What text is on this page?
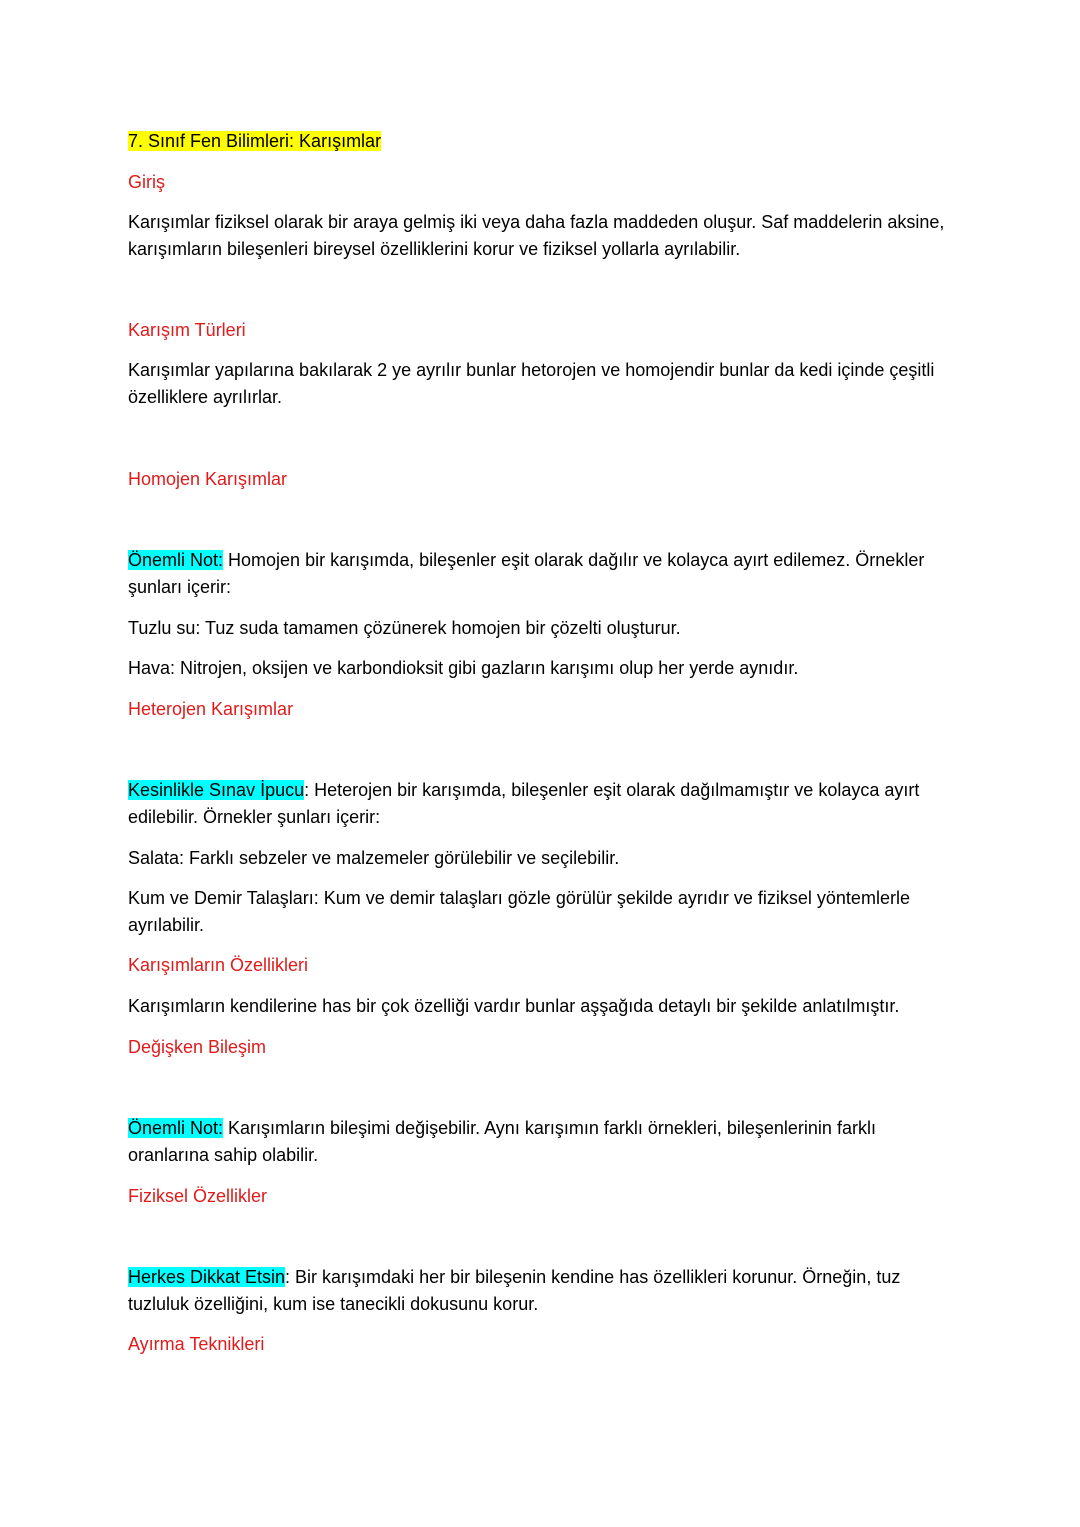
7. Sınıf Fen Bilimleri: Karışımlar

Giriş

Karışımlar fiziksel olarak bir araya gelmiş iki veya daha fazla maddeden oluşur. Saf maddelerin aksine, karışımların bileşenleri bireysel özelliklerini korur ve fiziksel yollarla ayrılabilir.

Karışım Türleri

Karışımlar yapılarına bakılarak 2 ye ayrılır bunlar hetorojen ve homojendir bunlar da kedi içinde çeşitli özelliklere ayrılırlar.

Homojen Karışımlar

Önemli Not: Homojen bir karışımda, bileşenler eşit olarak dağılır ve kolayca ayırt edilemez. Örnekler şunları içerir:

Tuzlu su: Tuz suda tamamen çözünerek homojen bir çözelti oluşturur.

Hava: Nitrojen, oksijen ve karbondioksit gibi gazların karışımı olup her yerde aynıdır.

Heterojen Karışımlar

Kesinlikle Sınav İpucu: Heterojen bir karışımda, bileşenler eşit olarak dağılmamıştır ve kolayca ayırt edilebilir. Örnekler şunları içerir:

Salata: Farklı sebzeler ve malzemeler görülebilir ve seçilebilir.

Kum ve Demir Talaşları: Kum ve demir talaşları gözle görülür şekilde ayrıdır ve fiziksel yöntemlerle ayrılabilir.

Karışımların Özellikleri

Karışımların kendilerine has bir çok özelliği vardır bunlar aşşağıda detaylı bir şekilde anlatılmıştır.

Değişken Bileşim

Önemli Not: Karışımların bileşimi değişebilir. Aynı karışımın farklı örnekleri, bileşenlerinin farklı oranlarına sahip olabilir.

Fiziksel Özellikler

Herkes Dikkat Etsin: Bir karışımdaki her bir bileşenin kendine has özellikleri korunur. Örneğin, tuz tuzluluk özelliğini, kum ise tanecikli dokusunu korur.

Ayırma Teknikleri
